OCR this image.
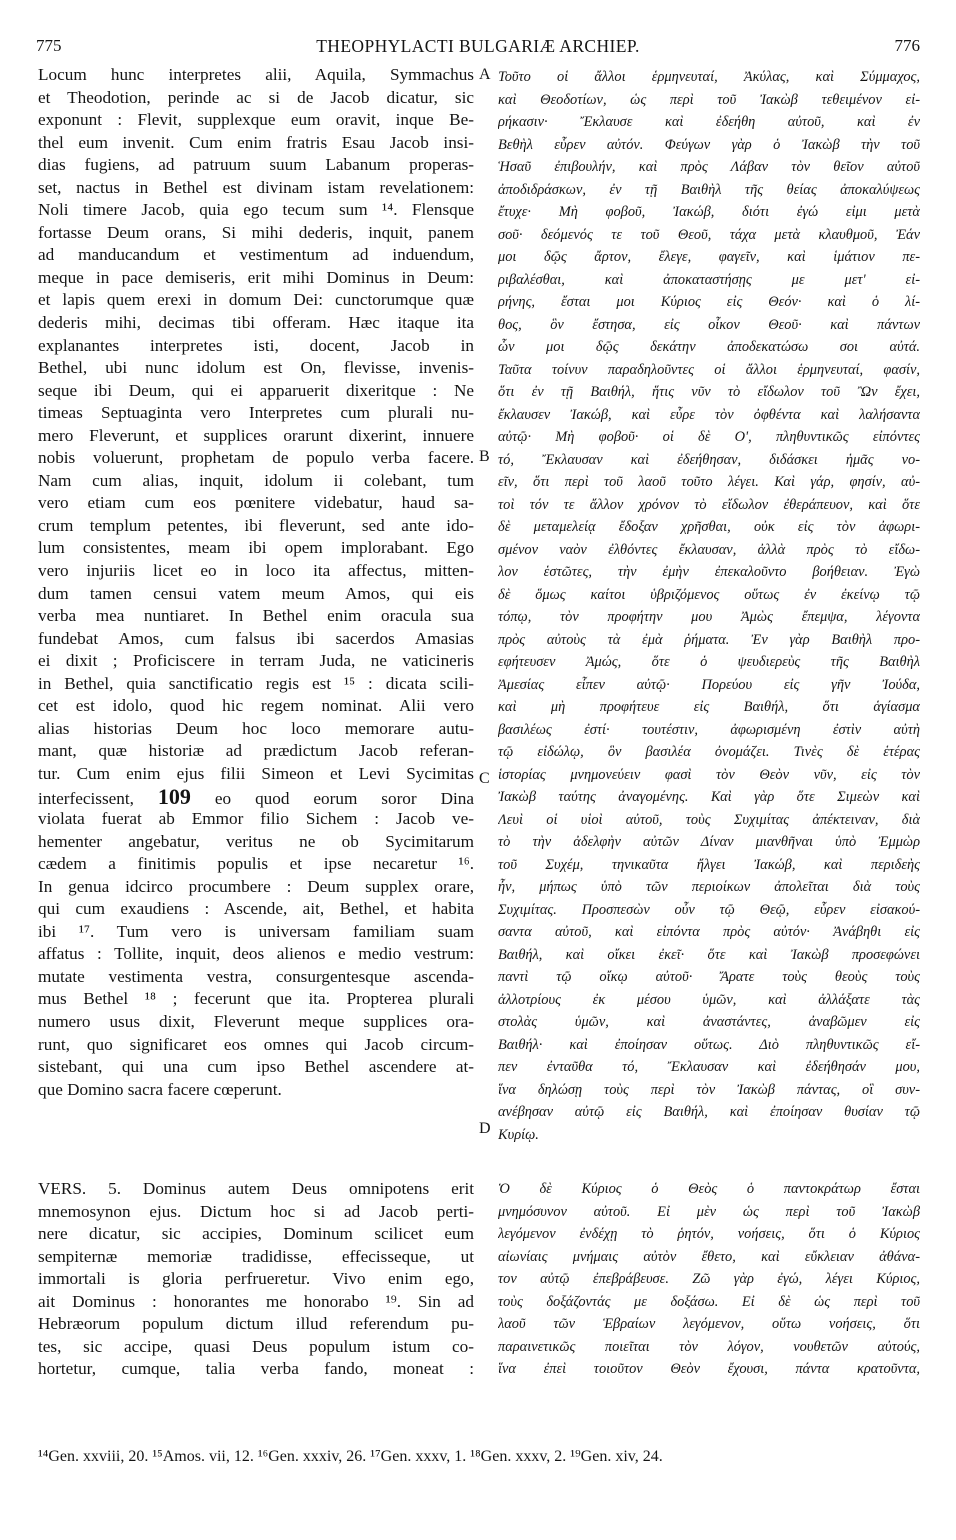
775	THEOPHYLACTI BULGARIÆ ARCHIEP.	776
Locum hunc interpretes alii, Aquila, Symmachus
et Theodotion, perinde ac si de Jacob dicatur, sic
exponunt : Flevit, supplexque eum oravit, inque Be-
thel eum invenit. Cum enim fratris Esau Jacob insi-
dias fugiens, ad patruum suum Labanum properas-
set, nactus in Bethel est divinam istam revelationem:
Noli timere Jacob, quia ego tecum sum ¹⁴. Flensque
fortasse Deum orans, Si mihi dederis, inquit, panem
ad manducandum et vestimentum ad induendum,
meque in pace demiseris, erit mihi Dominus in Deum:
et lapis quem erexi in domum Dei: cunctorumque quæ
dederis mihi, decimas tibi offeram. Hæc itaque ita
explanantes interpretes isti, docent, Jacob in
Bethel, ubi nunc idolum est On, flevisse, invenis-
seque ibi Deum, qui ei apparuerit dixeritque : Ne
timeas Septuaginta vero Interpretes cum plurali nu-
mero Fleverunt, et supplices orarunt dixerint, innuere
nobis voluerunt, prophetam de populo verba facere.
Nam cum alias, inquit, idolum ii colebant, tum
vero etiam cum eos pœnitere videbatur, haud sa-
crum templum petentes, ibi fleverunt, sed ante ido-
lum consistentes, meam ibi opem implorabant. Ego
vero injuriis licet eo in loco ita affectus, mitten-
dum tamen censui vatem meum Amos, qui eis
verba mea nuntiaret. In Bethel enim oracula sua
fundebat Amos, cum falsus ibi sacerdos Amasias
ei dixit ; Proficiscere in terram Juda, ne vaticineris
in Bethel, quia sanctificatio regis est ¹⁵ : dicata scili-
cet est idolo, quod hic regem nominat. Alii vero
alias historias Deum hoc loco memorare autu-
mant, quæ historiæ ad prædictum Jacob referan-
tur. Cum enim ejus filii Simeon et Levi Sycimitas
interfecissent, 109 eo quod eorum soror Dina
violata fuerat ab Emmor filio Sichem : Jacob ve-
hementer angebatur, veritus ne ob Sycimitarum
cædem a finitimis populis et ipse necaretur ¹⁶.
In genua idcirco procumbere : Deum supplex orare,
qui cum exaudiens : Ascende, ait, Bethel, et habita
ibi ¹⁷. Tum vero is universam familiam suam
affatus : Tollite, inquit, deos alienos e medio vestrum:
mutate vestimenta vestra, consurgentesque ascenda-
mus Bethel ¹⁸ ; fecerunt que ita. Propterea plurali
numero usus dixit, Fleverunt meque supplices ora-
runt, quo significaret eos omnes qui Jacob circum-
sistebant, qui una cum ipso Bethel ascendere at-
que Domino sacra facere cœperunt.
VERS. 5. Dominus autem Deus omnipotens erit
mnemosynon ejus. Dictum hoc si ad Jacob perti-
nere dicatur, sic accipies, Dominum scilicet eum
sempiternæ memoriæ tradidisse, effecisseque, ut
immortali is gloria perfrueretur. Vivo enim ego,
ait Dominus : honorantes me honorabo ¹⁹. Sin ad
Hebræorum populum dictum illud referendum pu-
tes, sic accipe, quasi Deus populum istum co-
hortetur, cumque, talia verba fando, moneat :
Τοῦτο οἱ ἄλλοι ἑρμηνευταί, Ἀκύλας, καὶ Σύμμαχος,
καὶ Θεοδοτίων, ὡς περὶ τοῦ Ἰακὼβ τεθειμένον εἰ-
ρήκασιν· Ἔκλαυσε καὶ ἐδεήθη αὐτοῦ, καὶ ἐν
Βεθὴλ εὗρεν αὐτόν. Φεύγων γὰρ ὁ Ἰακὼβ τὴν τοῦ
Ἡσαῦ ἐπιβουλήν, καὶ πρὸς Λάβαν τὸν θεῖον αὐτοῦ
ἀποδιδράσκων, ἐν τῇ Βαιθὴλ τῆς θείας ἀποκαλύψεως
ἔτυχε· Μὴ φοβοῦ, Ἰακώβ, διότι ἐγώ εἰμι μετὰ
σοῦ· δεόμενός τε τοῦ Θεοῦ, τάχα μετὰ κλαυθμοῦ, Ἐάν
μοι δῷς ἄρτον, ἔλεγε, φαγεῖν, καὶ ἱμάτιον πε-
ριβαλέσθαι, καὶ ἀποκαταστήσῃς με μετ' εἰ-
ρήνης, ἔσται μοι Κύριος εἰς Θεόν· καὶ ὁ λί-
θος, ὃν ἔστησα, εἰς οἶκον Θεοῦ· καὶ πάντων
ὧν μοι δῷς δεκάτην ἀποδεκατώσω σοι αὐτά.
Ταῦτα τοίνυν παραδηλοῦντες οἱ ἄλλοι ἑρμηνευταί, φασίν,
ὅτι ἐν τῇ Βαιθήλ, ἥτις νῦν τὸ εἴδωλον τοῦ Ὢν ἔχει,
ἔκλαυσεν Ἰακώβ, καὶ εὗρε τὸν ὀφθέντα καὶ λαλήσαντα
αὐτῷ· Μὴ φοβοῦ· οἱ δὲ Ο', πληθυντικῶς εἰπόντες
τό, Ἔκλαυσαν καὶ ἐδεήθησαν, διδάσκει ἡμᾶς νο-
εῖν, ὅτι περὶ τοῦ λαοῦ τοῦτο λέγει. Καὶ γάρ, φησίν, αὐ-
τοὶ τόν τε ἄλλον χρόνον τὸ εἴδωλον ἐθεράπευον, καὶ ὅτε
δὲ μεταμελείᾳ ἔδοξαν χρῆσθαι, οὐκ εἰς τὸν ἀφωρι-
σμένον ναὸν ἐλθόντες ἔκλαυσαν, ἀλλὰ πρὸς τὸ εἴδω-
λον ἑστῶτες, τὴν ἐμὴν ἐπεκαλοῦντο βοήθειαν. Ἐγὼ
δὲ ὅμως καίτοι ὑβριζόμενος οὕτως ἐν ἐκείνῳ τῷ
τόπῳ, τὸν προφήτην μου Ἀμὼς ἔπεμψα, λέγοντα
πρὸς αὐτοὺς τὰ ἐμὰ ῥήματα. Ἐν γὰρ Βαιθὴλ προ-
εφήτευσεν Ἀμώς, ὅτε ὁ ψευδιερεὺς τῆς Βαιθὴλ
Ἀμεσίας εἶπεν αὐτῷ· Πορεύου εἰς γῆν Ἰούδα,
καὶ μὴ προφήτευε εἰς Βαιθήλ, ὅτι ἁγίασμα
βασιλέως ἐστί· τουτέστιν, ἀφωρισμένη ἐστὶν αὐτὴ
τῷ εἰδώλῳ, ὃν βασιλέα ὀνομάζει. Τινὲς δὲ ἑτέρας
ἱστορίας μνημονεύειν φασὶ τὸν Θεὸν νῦν, εἰς τὸν
Ἰακὼβ ταύτης ἀναγομένης. Καὶ γὰρ ὅτε Σιμεὼν καὶ
Λευὶ οἱ υἱοὶ αὐτοῦ, τοὺς Συχιμίτας ἀπέκτειναν, διὰ
τὸ τὴν ἀδελφὴν αὐτῶν Δίναν μιανθῆναι ὑπὸ Ἐμμὼρ
τοῦ Συχέμ, τηνικαῦτα ἤλγει Ἰακώβ, καὶ περιδεὴς
ἦν, μήπως ὑπὸ τῶν περιοίκων ἀπολεῖται διὰ τοὺς
Συχιμίτας. Προσπεσὼν οὖν τῷ Θεῷ, εὗρεν εἰσακού-
σαντα αὐτοῦ, καὶ εἰπόντα πρὸς αὐτόν· Ἀνάβηθι εἰς
Βαιθήλ, καὶ οἴκει ἐκεῖ· ὅτε καὶ Ἰακὼβ προσεφώνει
παντὶ τῷ οἴκῳ αὐτοῦ· Ἄρατε τοὺς θεοὺς τοὺς
ἀλλοτρίους ἐκ μέσου ὑμῶν, καὶ ἀλλάξατε τὰς
στολὰς ὑμῶν, καὶ ἀναστάντες, ἀναβῶμεν εἰς
Βαιθήλ· καὶ ἐποίησαν οὕτως. Διὸ πληθυντικῶς εἴ-
πεν ἐνταῦθα τό, Ἔκλαυσαν καὶ ἐδεήθησάν μου,
ἵνα δηλώσῃ τοὺς περὶ τὸν Ἰακὼβ πάντας, οἳ συν-
ανέβησαν αὐτῷ εἰς Βαιθήλ, καὶ ἐποίησαν θυσίαν τῷ
Κυρίῳ.
Ὁ δὲ Κύριος ὁ Θεὸς ὁ παντοκράτωρ ἔσται
μνημόσυνον αὐτοῦ. Εἰ μὲν ὡς περὶ τοῦ Ἰακὼβ
λεγόμενον ἐνδέχῃ τὸ ῥητόν, νοήσεις, ὅτι ὁ Κύριος
αἰωνίαις μνήμαις αὐτὸν ἔθετο, καὶ εὔκλειαν ἀθάνα-
τον αὐτῷ ἐπεβράβευσε. Ζῶ γὰρ ἐγώ, λέγει Κύριος,
τοὺς δοξάζοντάς με δοξάσω. Εἰ δὲ ὡς περὶ τοῦ
λαοῦ τῶν Ἑβραίων λεγόμενον, οὕτω νοήσεις, ὅτι
παραινετικῶς ποιεῖται τὸν λόγον, νουθετῶν αὐτούς,
ἵνα ἐπεὶ τοιοῦτον Θεὸν ἔχουσι, πάντα κρατοῦντα,
A
B
C
D
¹⁴Gen. xxviii, 20. ¹⁵Amos. vii, 12. ¹⁶Gen. xxxiv, 26. ¹⁷Gen. xxxv, 1. ¹⁸Gen. xxxv, 2. ¹⁹Gen. xiv, 24.
